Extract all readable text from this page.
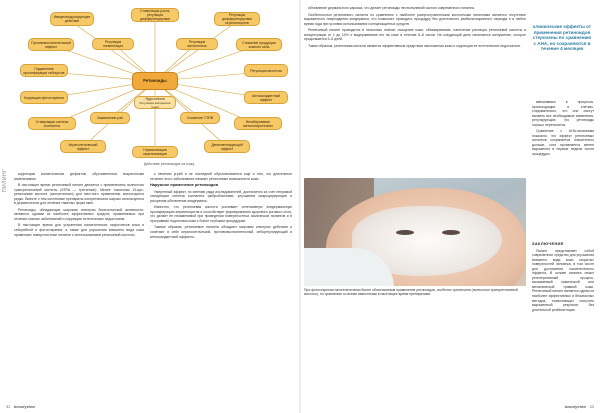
ПИЛИНГ
Ретиноиды
Иммуномодулирующее действие
Стимуляция роста, регуляция дифференцировки
Регуляция дифференцировки кератиноцитов
Противовоспалительный эффект
Снижение продукции кожного сала
Подавление пролиферации себоцитов	Регуляция апоптоза
Коррекция фотостарения	Антиоксидантный эффект
Стимуляция синтеза коллагена
Ингибирование металлопротеиназ
Кератолитический эффект	Нормализация кератинизации
Депигментирующий эффект
Регуляция пигментации
Регуляция ангиогенеза
Заживление ран	Снижение ТЭПВ
Ядро клетки
Регуляция экспрессии генов
Действие ретиноидов на кожу.

коррекцию косметических дефектов, обусловленных возрастными изменениями.

В настоящее время ретиноевый пилинг делается с применением полностью трансретиноевой кислоты (ATRA — третиноин). Менее токсичная 13-цис-ретиноевая кислота (изотретиноин) для местного применения используется редко. Вместе с тем системные препараты изотретиноина широко используются в дерматологии для лечения тяжелых форм акне.

Ретиноиды, обладающие широким спектром биологической активности, являются одними из наиболее эффективных средств, применяемых при лечении кожных заболеваний и коррекции эстетических недостатков.

В настоящее время для устранения косметических недостатков кожи и себорейной и фотостарения, а также для улучшения внешнего вида кожи применяют поверхностные пилинги с использованием ретиноевой кислоты.

к лечению угрей и не последней обусловливается еще и тем, что длительное лечение этого заболевания снижает ретиноевые возможности кожи.

Наружное применение ретиноидов

Умеренный эффект, по мнению ряда исследователей, достигается за счет непрямой стимуляции синтеза коллагена фибробластами, улучшения микроциркуляции и ускорения обновления эпидермиса.

Известно, что ретиноевая кислота усиливает интенсивную эпидермальную пролиферацию кератиноцитов и способствует формированию здорового рогового слоя, что делает ее незаменимой при проведении поверхностных химических пилингов и в программах подготовки кожи к более глубоким процедурам.

Такими образом, ретиноевые пилинги обладают широким спектром действия и сочетают в себе кератолитический, противовоспалительный, себорегулирующий и антиоксидантный эффекты.

32 beautyeiwe

обновление дермального каркаса, что делает ретиноиды неотъемлемой частью современного пилинга.

Особенностью ретиноевого пилинга по сравнению с наиболее распространенными кислотными пилингами является отсутствие выраженного повреждения эпидермиса, что позволяет проводить процедуру без длительного реабилитационного периода и в любое время года при условии использования солнцезащитных средств.

Ретиноевый пилинг проводится в несколько этапов: очищение кожи, обезжиривание, нанесение раствора ретиноевой кислоты в концентрации от 1 до 10% и выдерживание его на коже в течение 6–8 часов. На следующий день начинается шелушение, которое продолжается 3–5 дней.

Таким образом, ретиноевая кислота является эффективным средством омоложения кожи и коррекции ее эстетических недостатков.

клинические эффекты от применения ретиноидов стерочены по сравнению с AHA, но сохраняются в течение 4 месяцев

вмешиваясь в процессы, происходящие в клетках, следовательно, что они смогут вызвать все необходимые изменения, регулирующие, что ретиноиды хорошо переносятся.

Сравнение с AHA-пилингами показало, что эффект ретиноевых пилингов сохраняется значительно дольше, хотя проявляется менее выраженно в первые недели после процедуры.

При фотостарении патогенетически более обоснованным применение ретиноидов, особенно третиноина (полностью трансретиноевой кислоты), по сравнению со всеми известными в настоящее время препаратами.
ЗАКЛЮЧЕНИЕ

Пилинг представляет собой современное средство для улучшения внешнего вида кожи открытых поверхностей человека, в том числе для достижения косметического эффекта. В основе пилинга лежит регенеративный процесс, вызываемый химической или механической травмой кожи. Ретиноевый пилинг является одним из наиболее эффективных и безопасных методов, позволяющих получить выраженный результат без длительной реабилитации.

beautyeiwe 33
